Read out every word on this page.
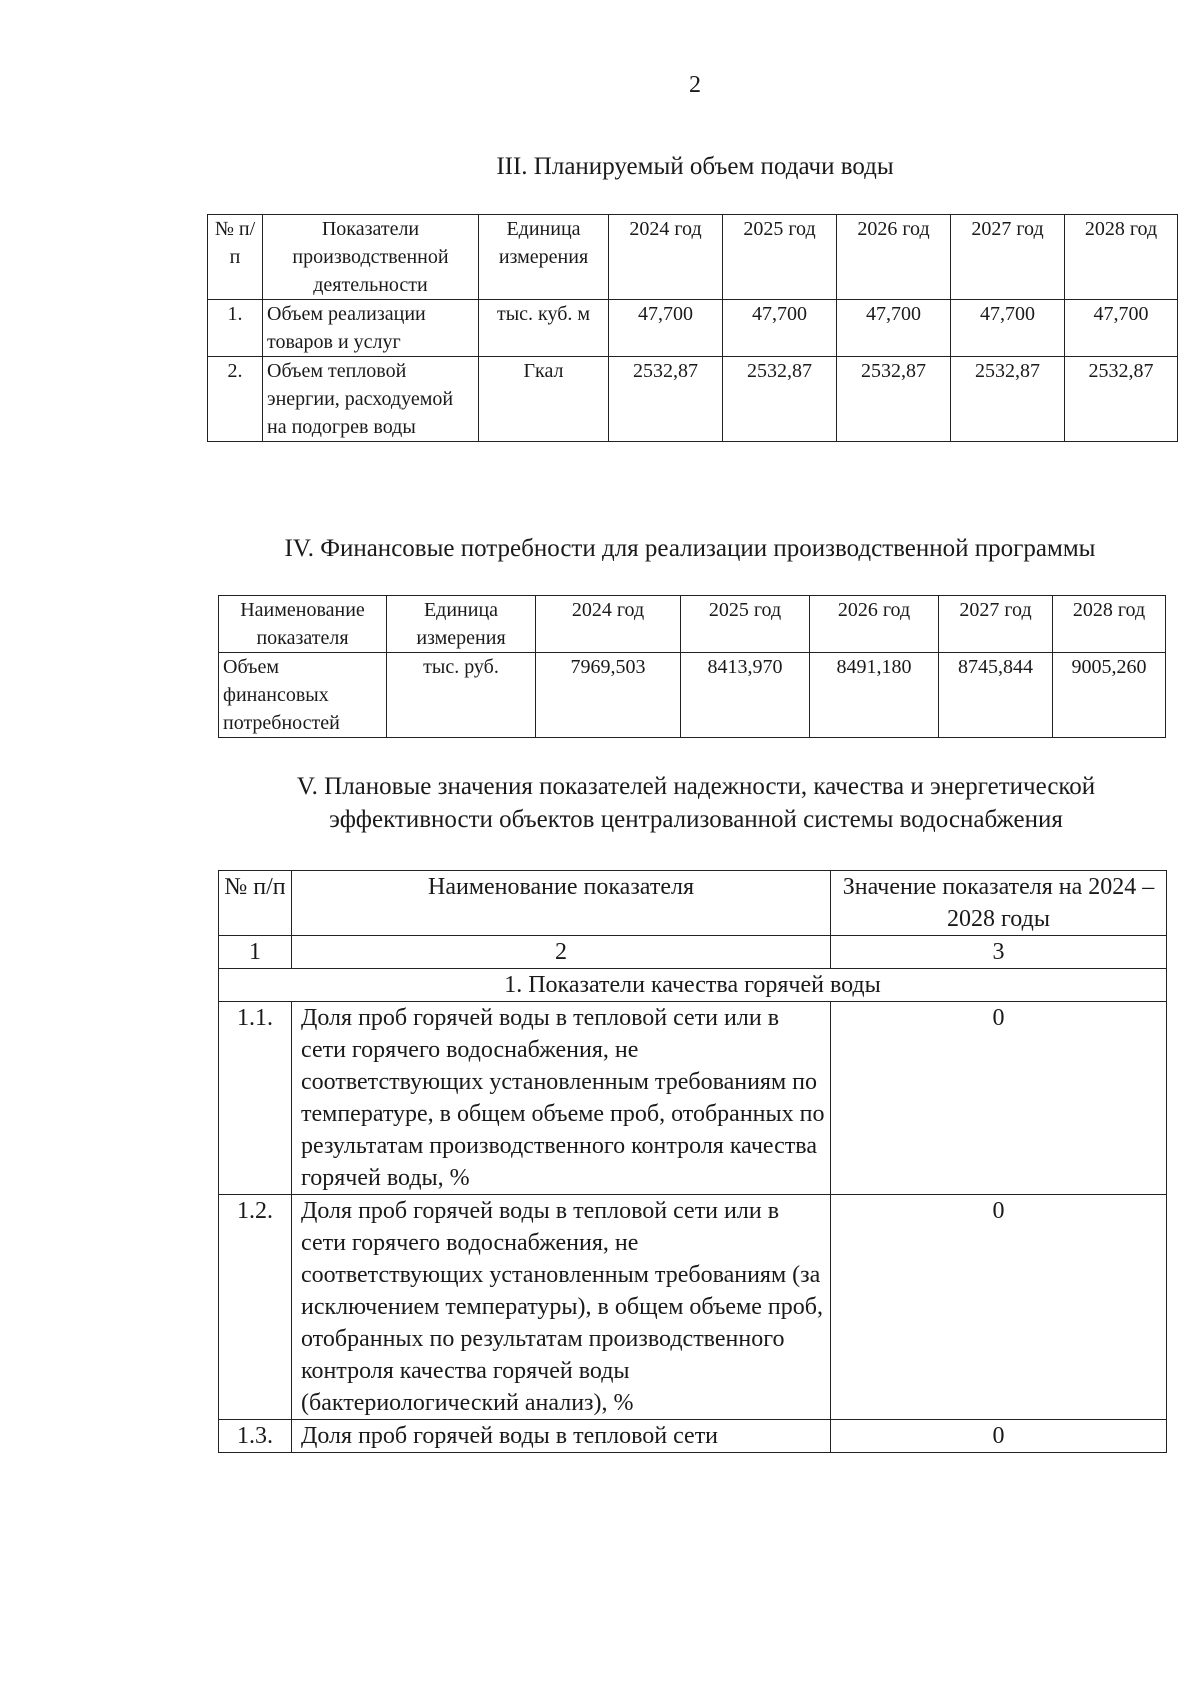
2
III. Планируемый объем подачи воды
№ п/п	Показатели производственной деятельности	Единица измерения	2024 год	2025 год	2026 год	2027 год	2028 год
1.	Объем реализации товаров и услуг	тыс. куб. м	47,700	47,700	47,700	47,700	47,700
2.	Объем тепловой энергии, расходуемой на подогрев воды	Гкал	2532,87	2532,87	2532,87	2532,87	2532,87
IV. Финансовые потребности для реализации производственной программы
Наименование показателя	Единица измерения	2024 год	2025 год	2026 год	2027 год	2028 год
Объем финансовых потребностей	тыс. руб.	7969,503	8413,970	8491,180	8745,844	9005,260
V. Плановые значения показателей надежности, качества и энергетической
эффективности объектов централизованной системы водоснабжения
№ п/п	Наименование показателя	Значение показателя на 2024 – 2028 годы
1	2	3
1. Показатели качества горячей воды		
1.1.	Доля проб горячей воды в тепловой сети или в сети горячего водоснабжения, не соответствующих установленным требованиям по температуре, в общем объеме проб, отобранных по результатам производственного контроля качества горячей воды, %	0
1.2.	Доля проб горячей воды в тепловой сети или в сети горячего водоснабжения, не соответствующих установленным требованиям (за исключением температуры), в общем объеме проб, отобранных по результатам производственного контроля качества горячей воды (бактериологический анализ), %	0
1.3.	Доля проб горячей воды в тепловой сети	0
